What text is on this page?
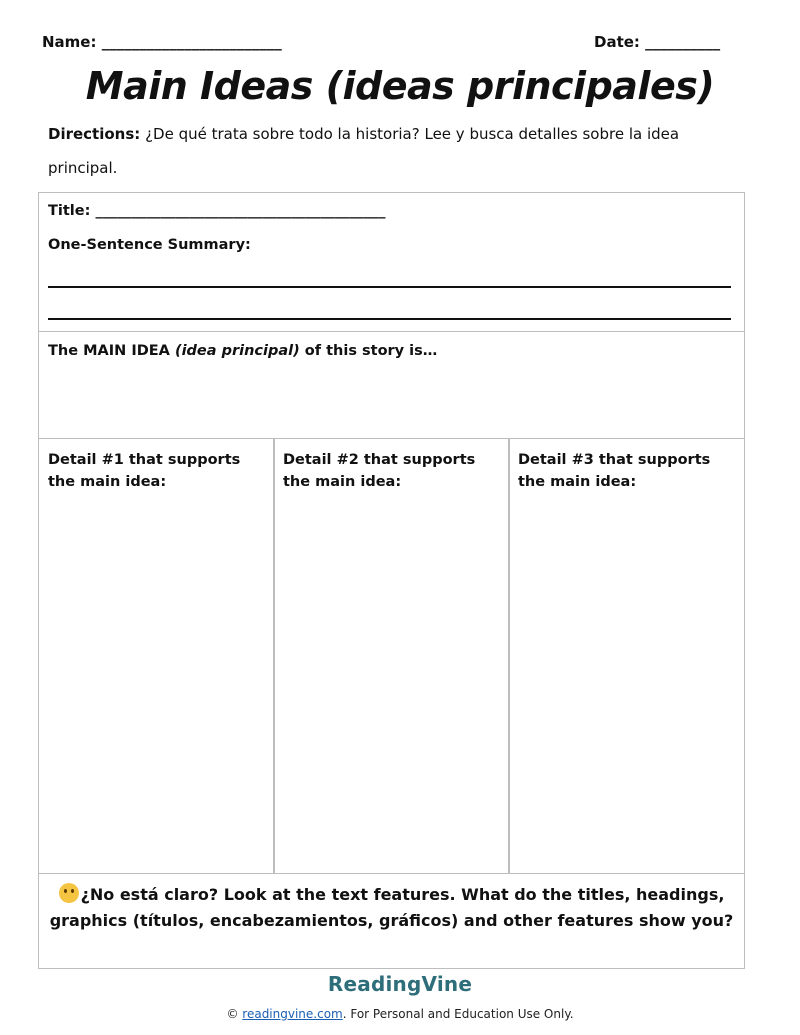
Name: ________________________	Date: __________
Main Ideas (ideas principales)
Directions: ¿De qué trata sobre todo la historia? Lee y busca detalles sobre la idea principal.
Title: ________________________________________
One-Sentence Summary:
The MAIN IDEA (idea principal) of this story is…
Detail #1 that supports the main idea:
Detail #2 that supports the main idea:
Detail #3 that supports the main idea:
¿No está claro? Look at the text features. What do the titles, headings, graphics (títulos, encabezamientos, gráficos) and other features show you?
ReadingVine
© readingvine.com. For Personal and Education Use Only.
